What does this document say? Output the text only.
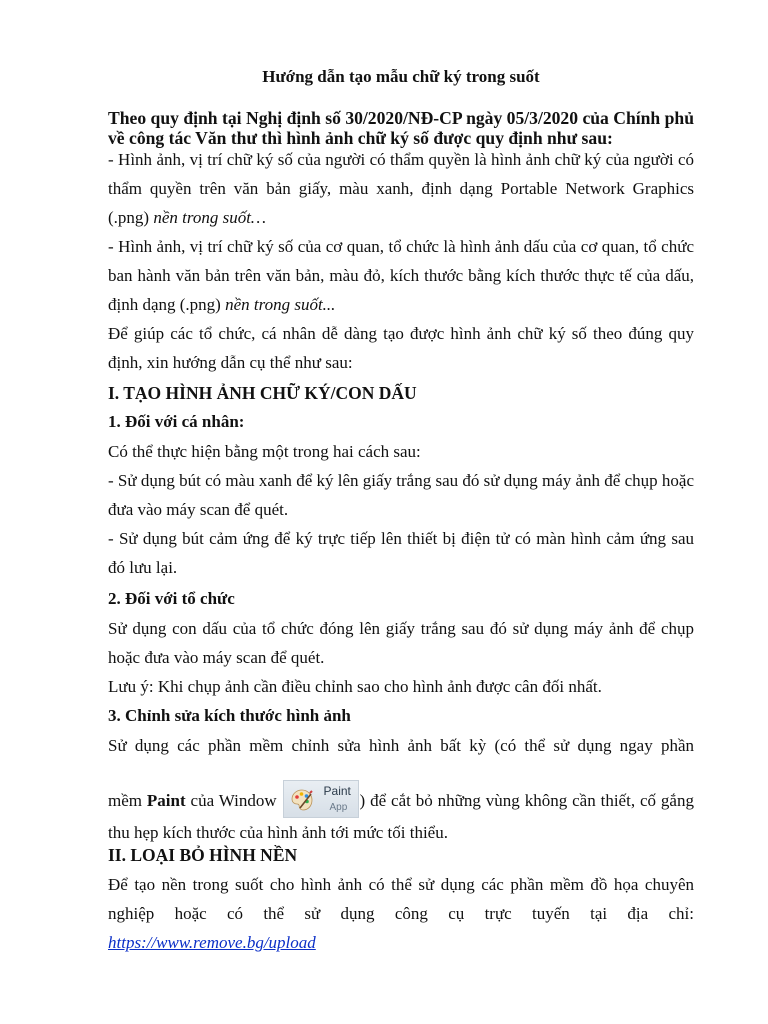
Hướng dẫn tạo mẫu chữ ký trong suốt
Theo quy định tại Nghị định số 30/2020/NĐ-CP ngày 05/3/2020 của Chính phủ về công tác Văn thư thì hình ảnh chữ ký số được quy định như sau:

- Hình ảnh, vị trí chữ ký số của người có thẩm quyền là hình ảnh chữ ký của người có thẩm quyền trên văn bản giấy, màu xanh, định dạng Portable Network Graphics (.png) nền trong suốt…

- Hình ảnh, vị trí chữ ký số của cơ quan, tổ chức là hình ảnh dấu của cơ quan, tổ chức ban hành văn bản trên văn bản, màu đỏ, kích thước bằng kích thước thực tế của dấu, định dạng (.png) nền trong suốt...

Để giúp các tổ chức, cá nhân dễ dàng tạo được hình ảnh chữ ký số theo đúng quy định, xin hướng dẫn cụ thể như sau:

I. TẠO HÌNH ẢNH CHỮ KÝ/CON DẤU

1. Đối với cá nhân:

Có thể thực hiện bằng một trong hai cách sau:

- Sử dụng bút có màu xanh để ký lên giấy trắng sau đó sử dụng máy ảnh để chụp hoặc đưa vào máy scan để quét.

- Sử dụng bút cảm ứng để ký trực tiếp lên thiết bị điện tử có màn hình cảm ứng sau đó lưu lại.

2. Đối với tổ chức

Sử dụng con dấu của tổ chức đóng lên giấy trắng sau đó sử dụng máy ảnh để chụp hoặc đưa vào máy scan để quét.

Lưu ý: Khi chụp ảnh cần điều chỉnh sao cho hình ảnh được cân đối nhất.

3. Chỉnh sửa kích thước hình ảnh

Sử dụng các phần mềm chỉnh sửa hình ảnh bất kỳ (có thể sử dụng ngay phần

mềm Paint của Window	Paint
App ) để cắt bỏ những vùng không cần thiết, cố gắng thu hẹp kích thước của hình ảnh tới mức tối thiểu.

II. LOẠI BỎ HÌNH NỀN

Để tạo nền trong suốt cho hình ảnh có thể sử dụng các phần mềm đồ họa chuyên nghiệp hoặc có thể sử dụng công cụ trực tuyến tại địa chỉ: https://www.remove.bg/upload
